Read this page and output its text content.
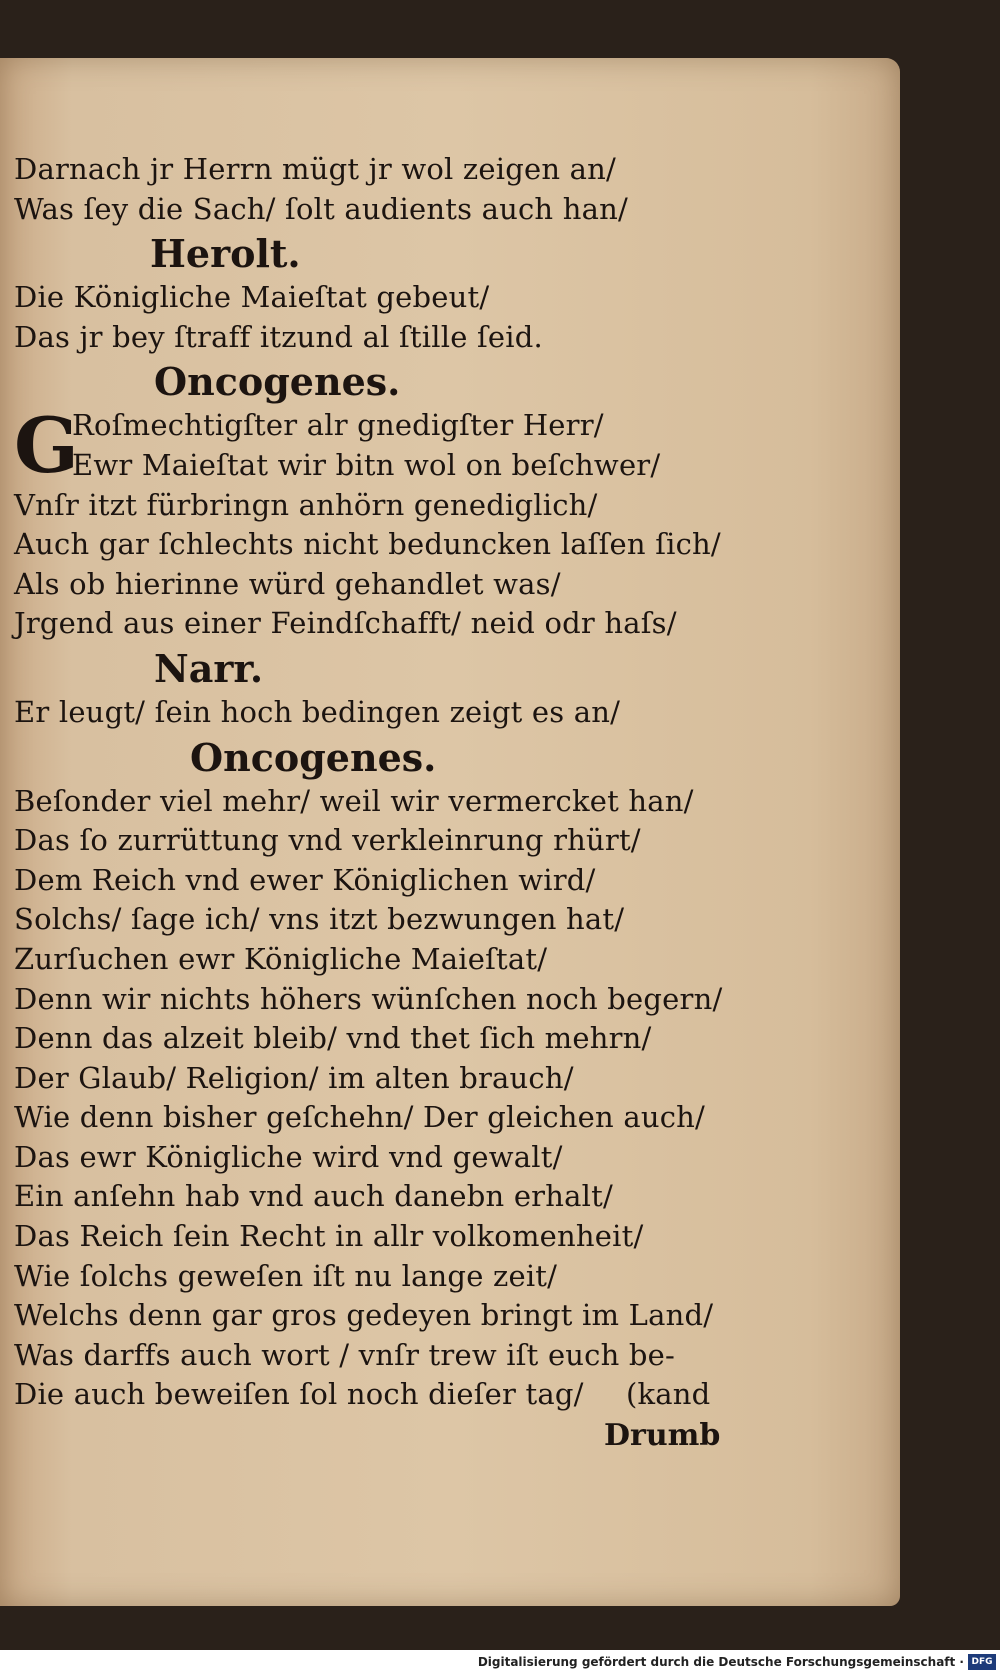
Darnach jr Herrn mügt jr wol zeigen an/
Was ſey die Sach/ ſolt audients auch han/
Herolt.
Die Königliche Maieſtat gebeut/
Das jr bey ſtraff itzund al ſtille ſeid.
Oncogenes.
G
Roſmechtigſter alr gnedigſter Herr/
Ewr Maieſtat wir bitn wol on beſchwer/
Vnſr itzt fürbringn anhörn genediglich/
Auch gar ſchlechts nicht beduncken laſſen ſich/
Als ob hierinne würd gehandlet was/
Jrgend aus einer Feindſchafft/ neid odr haſs/
Narr.
Er leugt/ ſein hoch bedingen zeigt es an/
Oncogenes.
Beſonder viel mehr/ weil wir vermercket han/
Das ſo zurrüttung vnd verkleinrung rhürt/
Dem Reich vnd ewer Königlichen wird/
Solchs/ ſage ich/ vns itzt bezwungen hat/
Zurſuchen ewr Königliche Maieſtat/
Denn wir nichts höhers wünſchen noch begern/
Denn das alzeit bleib/ vnd thet ſich mehrn/
Der Glaub/ Religion/ im alten brauch/
Wie denn bisher geſchehn/ Der gleichen auch/
Das ewr Königliche wird vnd gewalt/
Ein anſehn hab vnd auch danebn erhalt/
Das Reich ſein Recht in allr volkomenheit/
Wie ſolchs geweſen iſt nu lange zeit/
Welchs denn gar gros gedeyen bringt im Land/
Was darffs auch wort / vnſr trew iſt euch be-
Die auch beweiſen ſol noch dieſer tag/ (kand
Drumb
Digitalisierung gefördert durch die Deutsche Forschungsgemeinschaft · DFG
